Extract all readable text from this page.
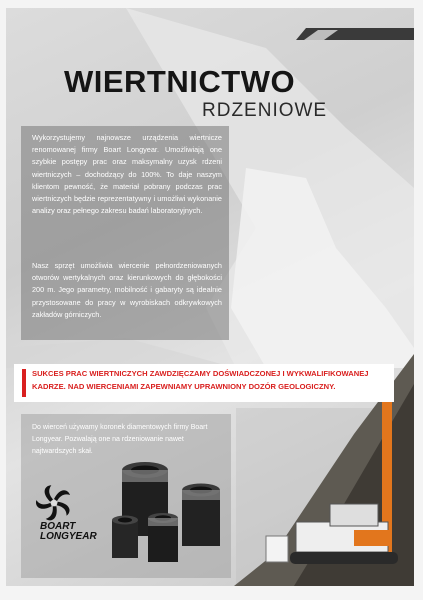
WIERTNICTWO
RDZENIOWE

Wykorzystujemy najnowsze urządzenia wiertnicze renomowanej firmy Boart Longyear. Umożliwiają one szybkie postępy prac oraz maksymalny uzysk rdzeni wiertniczych – dochodzący do 100%. To daje naszym klientom pewność, że materiał pobrany podczas prac wiertniczych będzie reprezentatywny i umożliwi wykonanie analizy oraz pełnego zakresu badań laboratoryjnych.

Nasz sprzęt umożliwia wiercenie pełnordzeniowanych otworów wertykalnych oraz kierunkowych do głębokości 200 m. Jego parametry, mobilność i gabaryty są idealnie przystosowane do pracy w wyrobiskach odkrywkowych zakładów górniczych.

SUKCES PRAC WIERTNICZYCH ZAWDZIĘCZAMY DOŚWIADCZONEJ I WYKWALIFIKOWANEJ KADRZE. NAD WIERCENIAMI ZAPEWNIAMY UPRAWNIONY DOZÓR GEOLOGICZNY.

Do wierceń używamy koronek diamentowych firmy Boart Longyear. Pozwalają one na rdzeniowanie nawet najtwardszych skał.

BOART
LONGYEAR
